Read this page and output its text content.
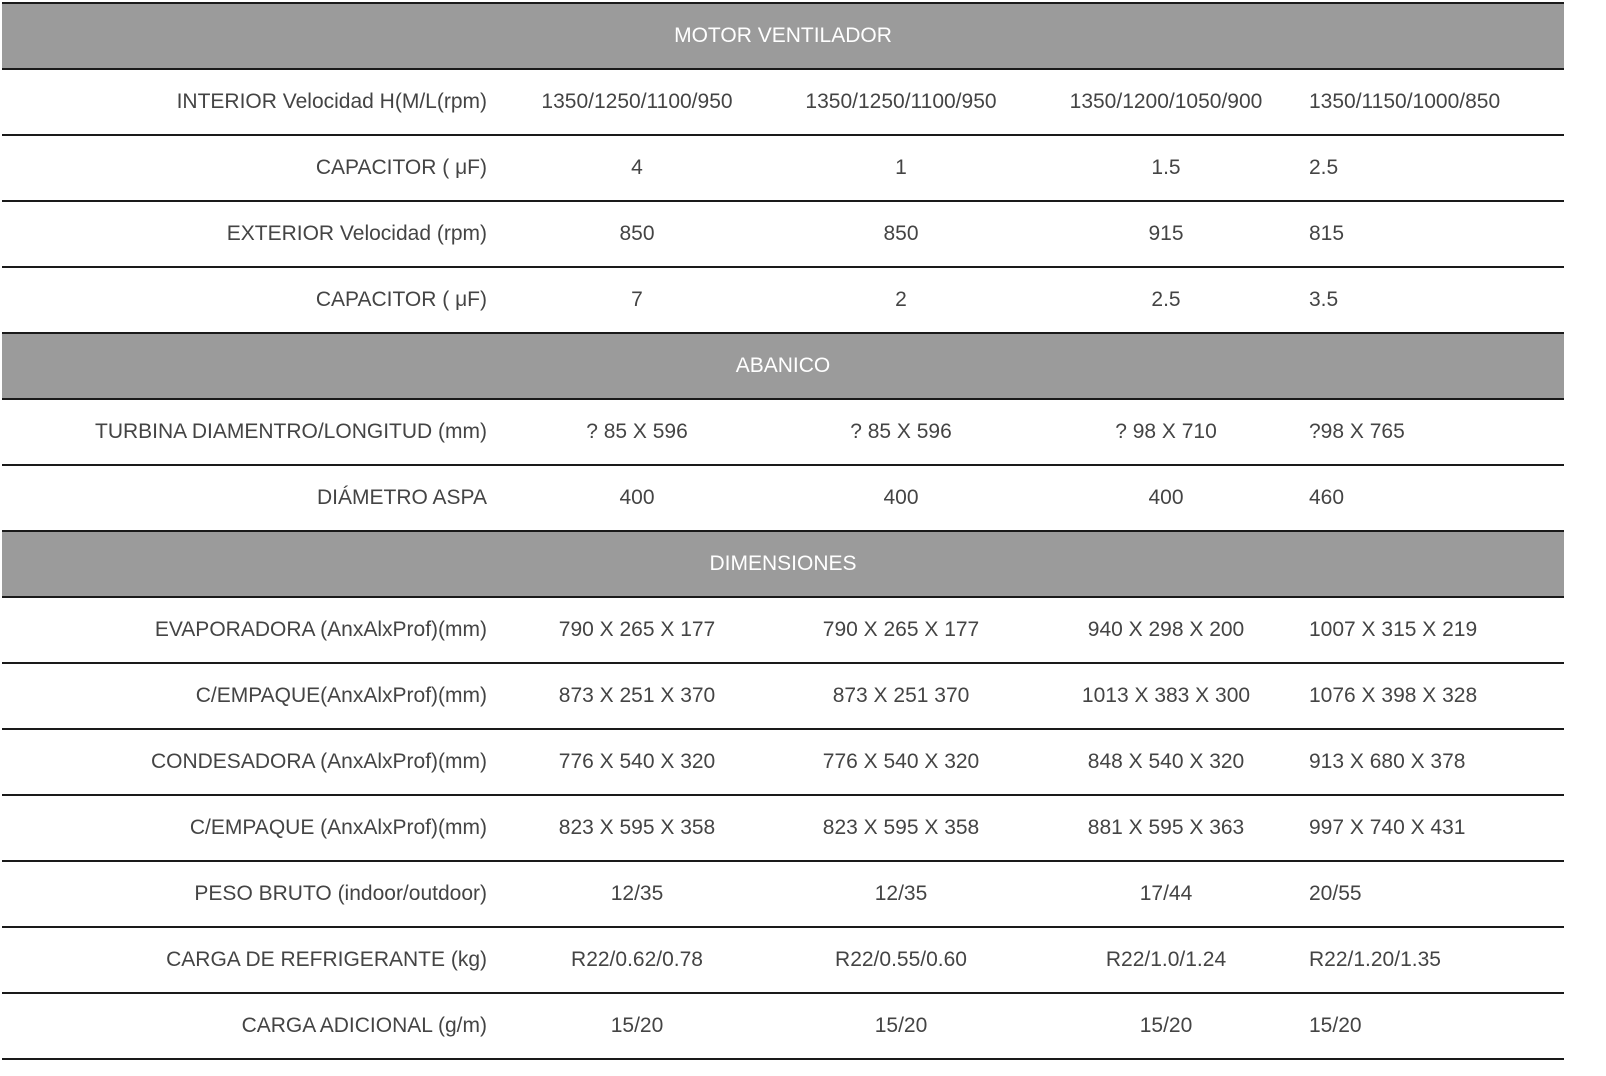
MOTOR VENTILADOR				
INTERIOR Velocidad H(M/L(rpm)	1350/1250/1100/950	1350/1250/1100/950	1350/1200/1050/900	1350/1150/1000/850
CAPACITOR ( μF)	4	1	1.5	2.5
EXTERIOR Velocidad (rpm)	850	850	915	815
CAPACITOR ( μF)	7	2	2.5	3.5
ABANICO				
TURBINA DIAMENTRO/LONGITUD (mm)	? 85 X 596	? 85 X 596	? 98 X 710	?98 X 765
DIÁMETRO ASPA	400	400	400	460
DIMENSIONES				
EVAPORADORA (AnxAlxProf)(mm)	790 X 265 X 177	790 X 265 X 177	940 X 298 X 200	1007 X 315 X 219
C/EMPAQUE(AnxAlxProf)(mm)	873 X 251 X 370	873 X 251 370	1013 X 383 X 300	1076 X 398 X 328
CONDESADORA (AnxAlxProf)(mm)	776 X 540 X 320	776 X 540 X 320	848 X 540 X 320	913 X 680 X 378
C/EMPAQUE (AnxAlxProf)(mm)	823 X 595 X 358	823 X 595 X 358	881 X 595 X 363	997 X 740 X 431
PESO BRUTO (indoor/outdoor)	12/35	12/35	17/44	20/55
CARGA DE REFRIGERANTE (kg)	R22/0.62/0.78	R22/0.55/0.60	R22/1.0/1.24	R22/1.20/1.35
CARGA ADICIONAL (g/m)	15/20	15/20	15/20	15/20
